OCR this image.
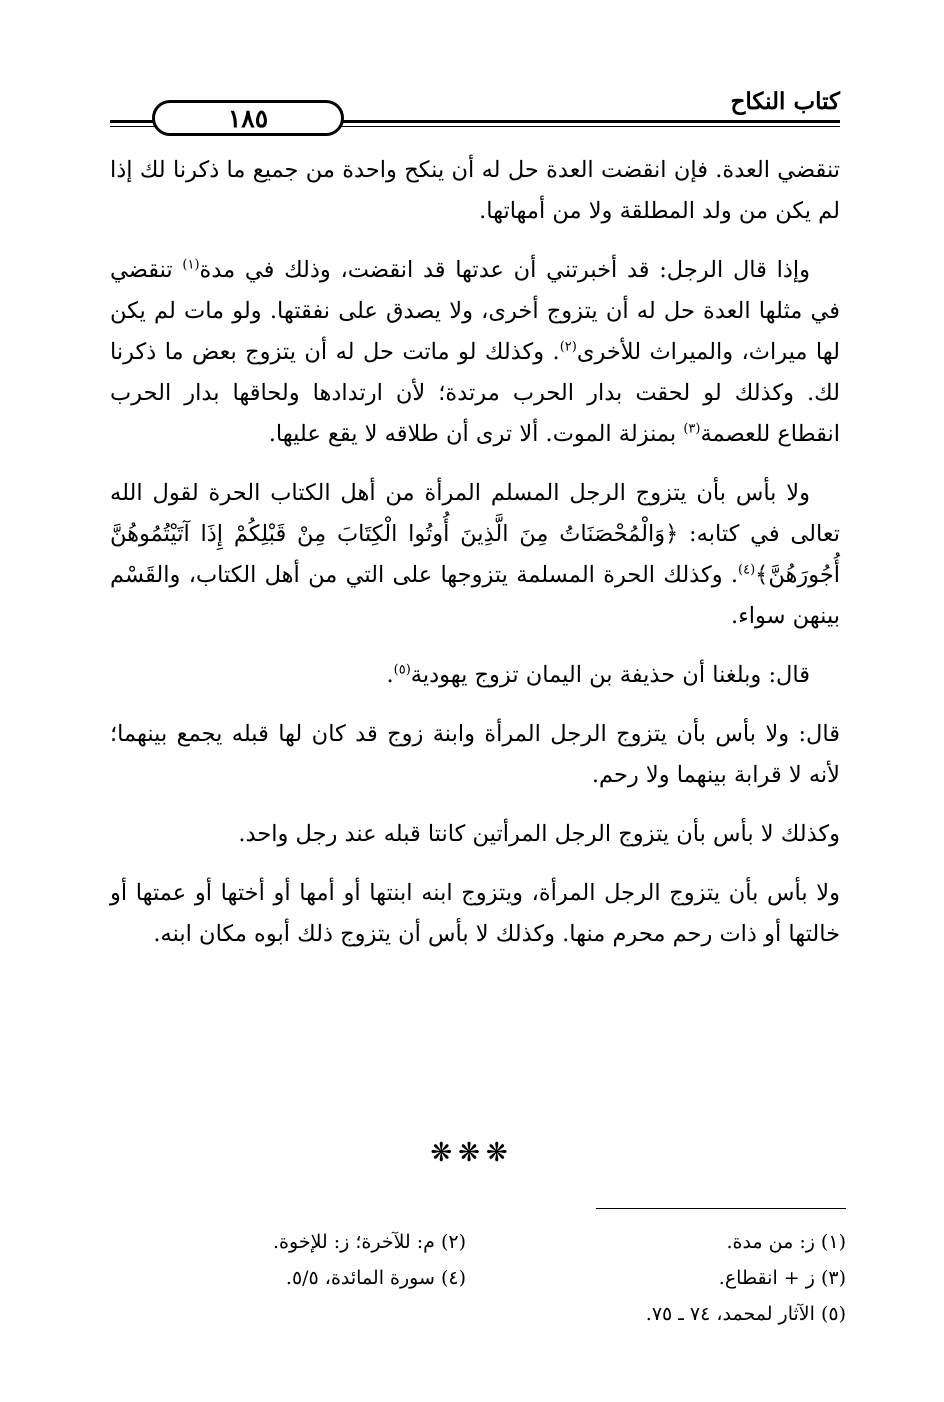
كتاب النكاح
١٨٥

تنقضي العدة. فإن انقضت العدة حل له أن ينكح واحدة من جميع ما ذكرنا لك إذا لم يكن من ولد المطلقة ولا من أمهاتها.

وإذا قال الرجل: قد أخبرتني أن عدتها قد انقضت، وذلك في مدة$^{(١)}$ تنقضي في مثلها العدة حل له أن يتزوج أخرى، ولا يصدق على نفقتها. ولو مات لم يكن لها ميراث، والميراث للأخرى$^{(٢)}$. وكذلك لو ماتت حل له أن يتزوج بعض ما ذكرنا لك. وكذلك لو لحقت بدار الحرب مرتدة؛ لأن ارتدادها ولحاقها بدار الحرب انقطاع للعصمة$^{(٣)}$ بمنزلة الموت. ألا ترى أن طلاقه لا يقع عليها.

ولا بأس بأن يتزوج الرجل المسلم المرأة من أهل الكتاب الحرة لقول الله تعالى في كتابه: ﴿وَالْمُحْصَنَاتُ مِنَ الَّذِينَ أُوتُوا الْكِتَابَ مِنْ قَبْلِكُمْ إِذَا آتَيْتُمُوهُنَّ أُجُورَهُنَّ﴾$^{(٤)}$. وكذلك الحرة المسلمة يتزوجها على التي من أهل الكتاب، والقَسْم بينهن سواء.

قال: وبلغنا أن حذيفة بن اليمان تزوج يهودية$^{(٥)}$.

قال: ولا بأس بأن يتزوج الرجل المرأة وابنة زوج قد كان لها قبله يجمع بينهما؛ لأنه لا قرابة بينهما ولا رحم.

وكذلك لا بأس بأن يتزوج الرجل المرأتين كانتا قبله عند رجل واحد.

ولا بأس بأن يتزوج الرجل المرأة، ويتزوج ابنه ابنتها أو أمها أو أختها أو عمتها أو خالتها أو ذات رحم محرم منها. وكذلك لا بأس أن يتزوج ذلك أبوه مكان ابنه.

❋❋❋
(١) ز: من مدة.
(٢) م: للآخرة؛ ز: للإخوة.
(٣) ز + انقطاع.
(٤) سورة المائدة، ٥/٥.
(٥) الآثار لمحمد، ٧٤ ـ ٧٥.
